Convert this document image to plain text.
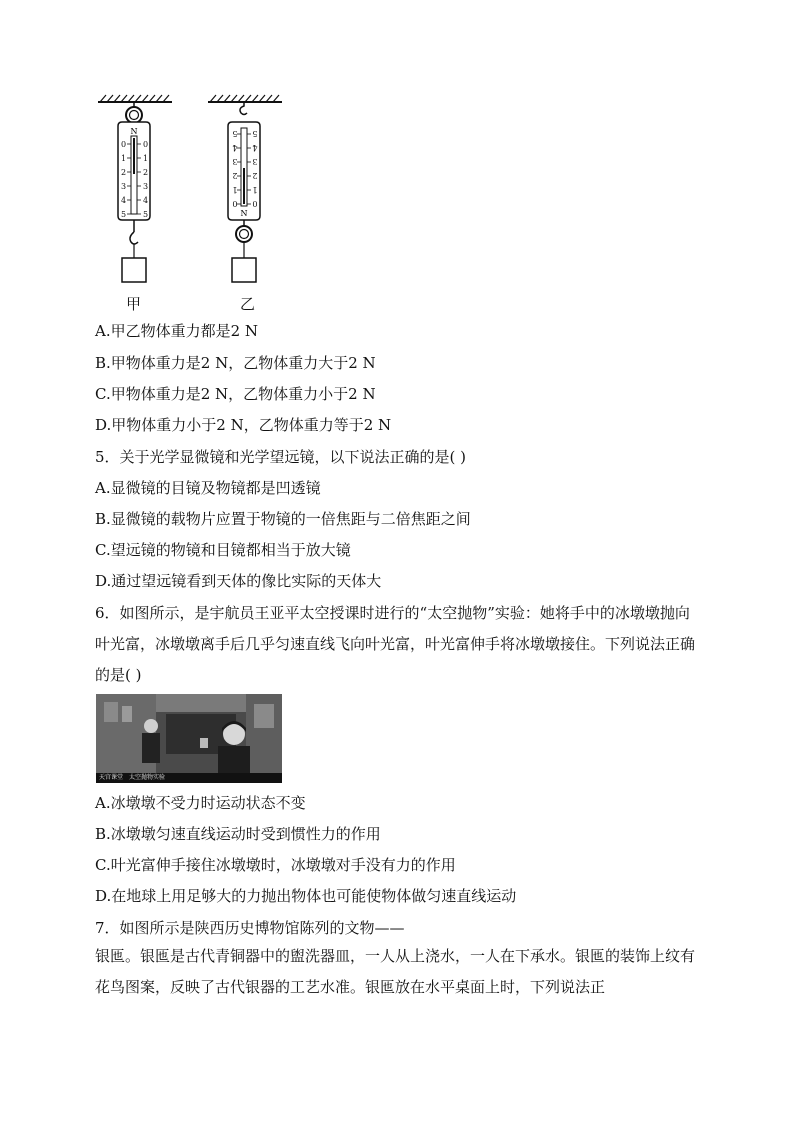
N
0 0
1 1
2 2
3 3
4 4
5 5
5 5
4 4
3 3
2 2
1 1
0 0
N
甲	乙
A.甲乙物体重力都是2 N
B.甲物体重力是2 N，乙物体重力大于2 N
C.甲物体重力是2 N，乙物体重力小于2 N
D.甲物体重力小于2 N，乙物体重力等于2 N
5．关于光学显微镜和光学望远镜，以下说法正确的是( )
A.显微镜的目镜及物镜都是凹透镜
B.显微镜的载物片应置于物镜的一倍焦距与二倍焦距之间
C.望远镜的物镜和目镜都相当于放大镜
D.通过望远镜看到天体的像比实际的天体大
6．如图所示，是宇航员王亚平太空授课时进行的“太空抛物”实验：她将手中的冰墩墩抛向叶光富，冰墩墩离手后几乎匀速直线飞向叶光富，叶光富伸手将冰墩墩接住。下列说法正确的是( )
天宫课堂 太空抛物实验
A.冰墩墩不受力时运动状态不变
B.冰墩墩匀速直线运动时受到惯性力的作用
C.叶光富伸手接住冰墩墩时，冰墩墩对手没有力的作用
D.在地球上用足够大的力抛出物体也可能使物体做匀速直线运动
7．如图所示是陕西历史博物馆陈列的文物——
银匜。银匜是古代青铜器中的盥洗器皿，一人从上浇水，一人在下承水。银匜的装饰上纹有花鸟图案，反映了古代银器的工艺水准。银匜放在水平桌面上时，下列说法正
